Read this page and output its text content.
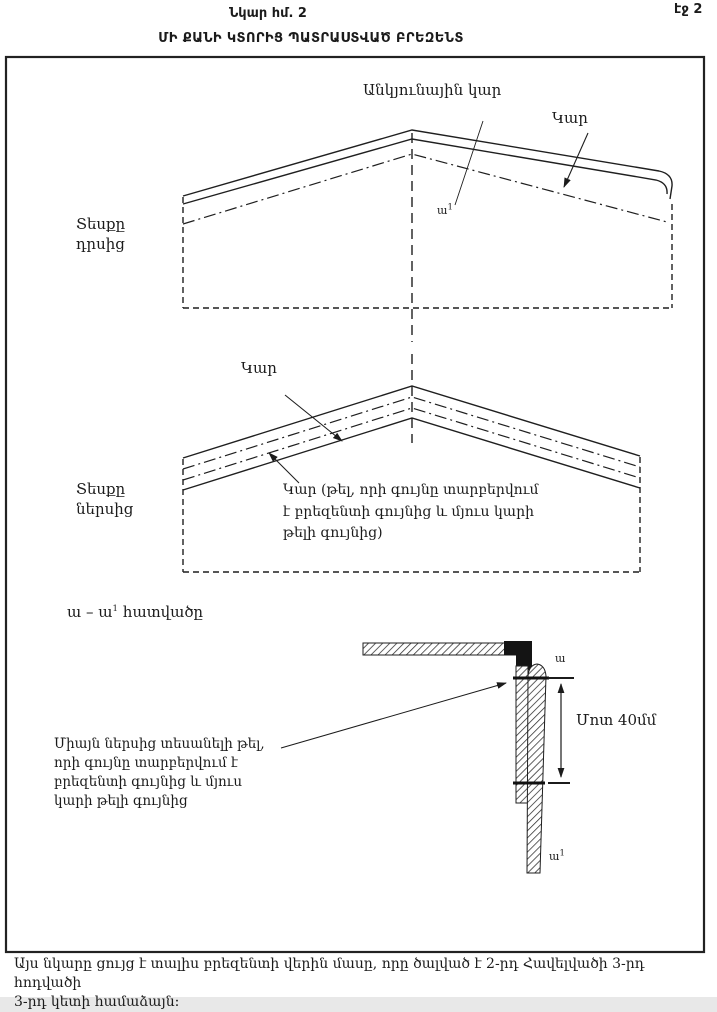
Նկար հմ. 2	էջ 2
ՄԻ ՔԱՆԻ ԿՏՈՐԻՑ ՊԱՏՐԱՍՏՎԱԾ ԲՐԵԶԵՆՏ
Անկյունային կար
Կար
Տեսքը դրսից
ա$^1$
Կար
Տեսքը ներսից
Կար (թել, որի գույնը տարբերվում
է բրեզենտի գույնից և մյուս կարի
թելի գույնից)
ա – ա$^1$ հատվածը
Միայն ներսից տեսանելի թել,
որի գույնը տարբերվում է
բրեզենտի գույնից և մյուս
կարի թելի գույնից
ա
Մոտ 40մմ
ա$^1$
Այս նկարը ցույց է տալիս բրեզենտի վերին մասը, որը ծալված է 2-րդ Հավելվածի 3-րդ հոդվածի
3-րդ կետի համաձայն:
